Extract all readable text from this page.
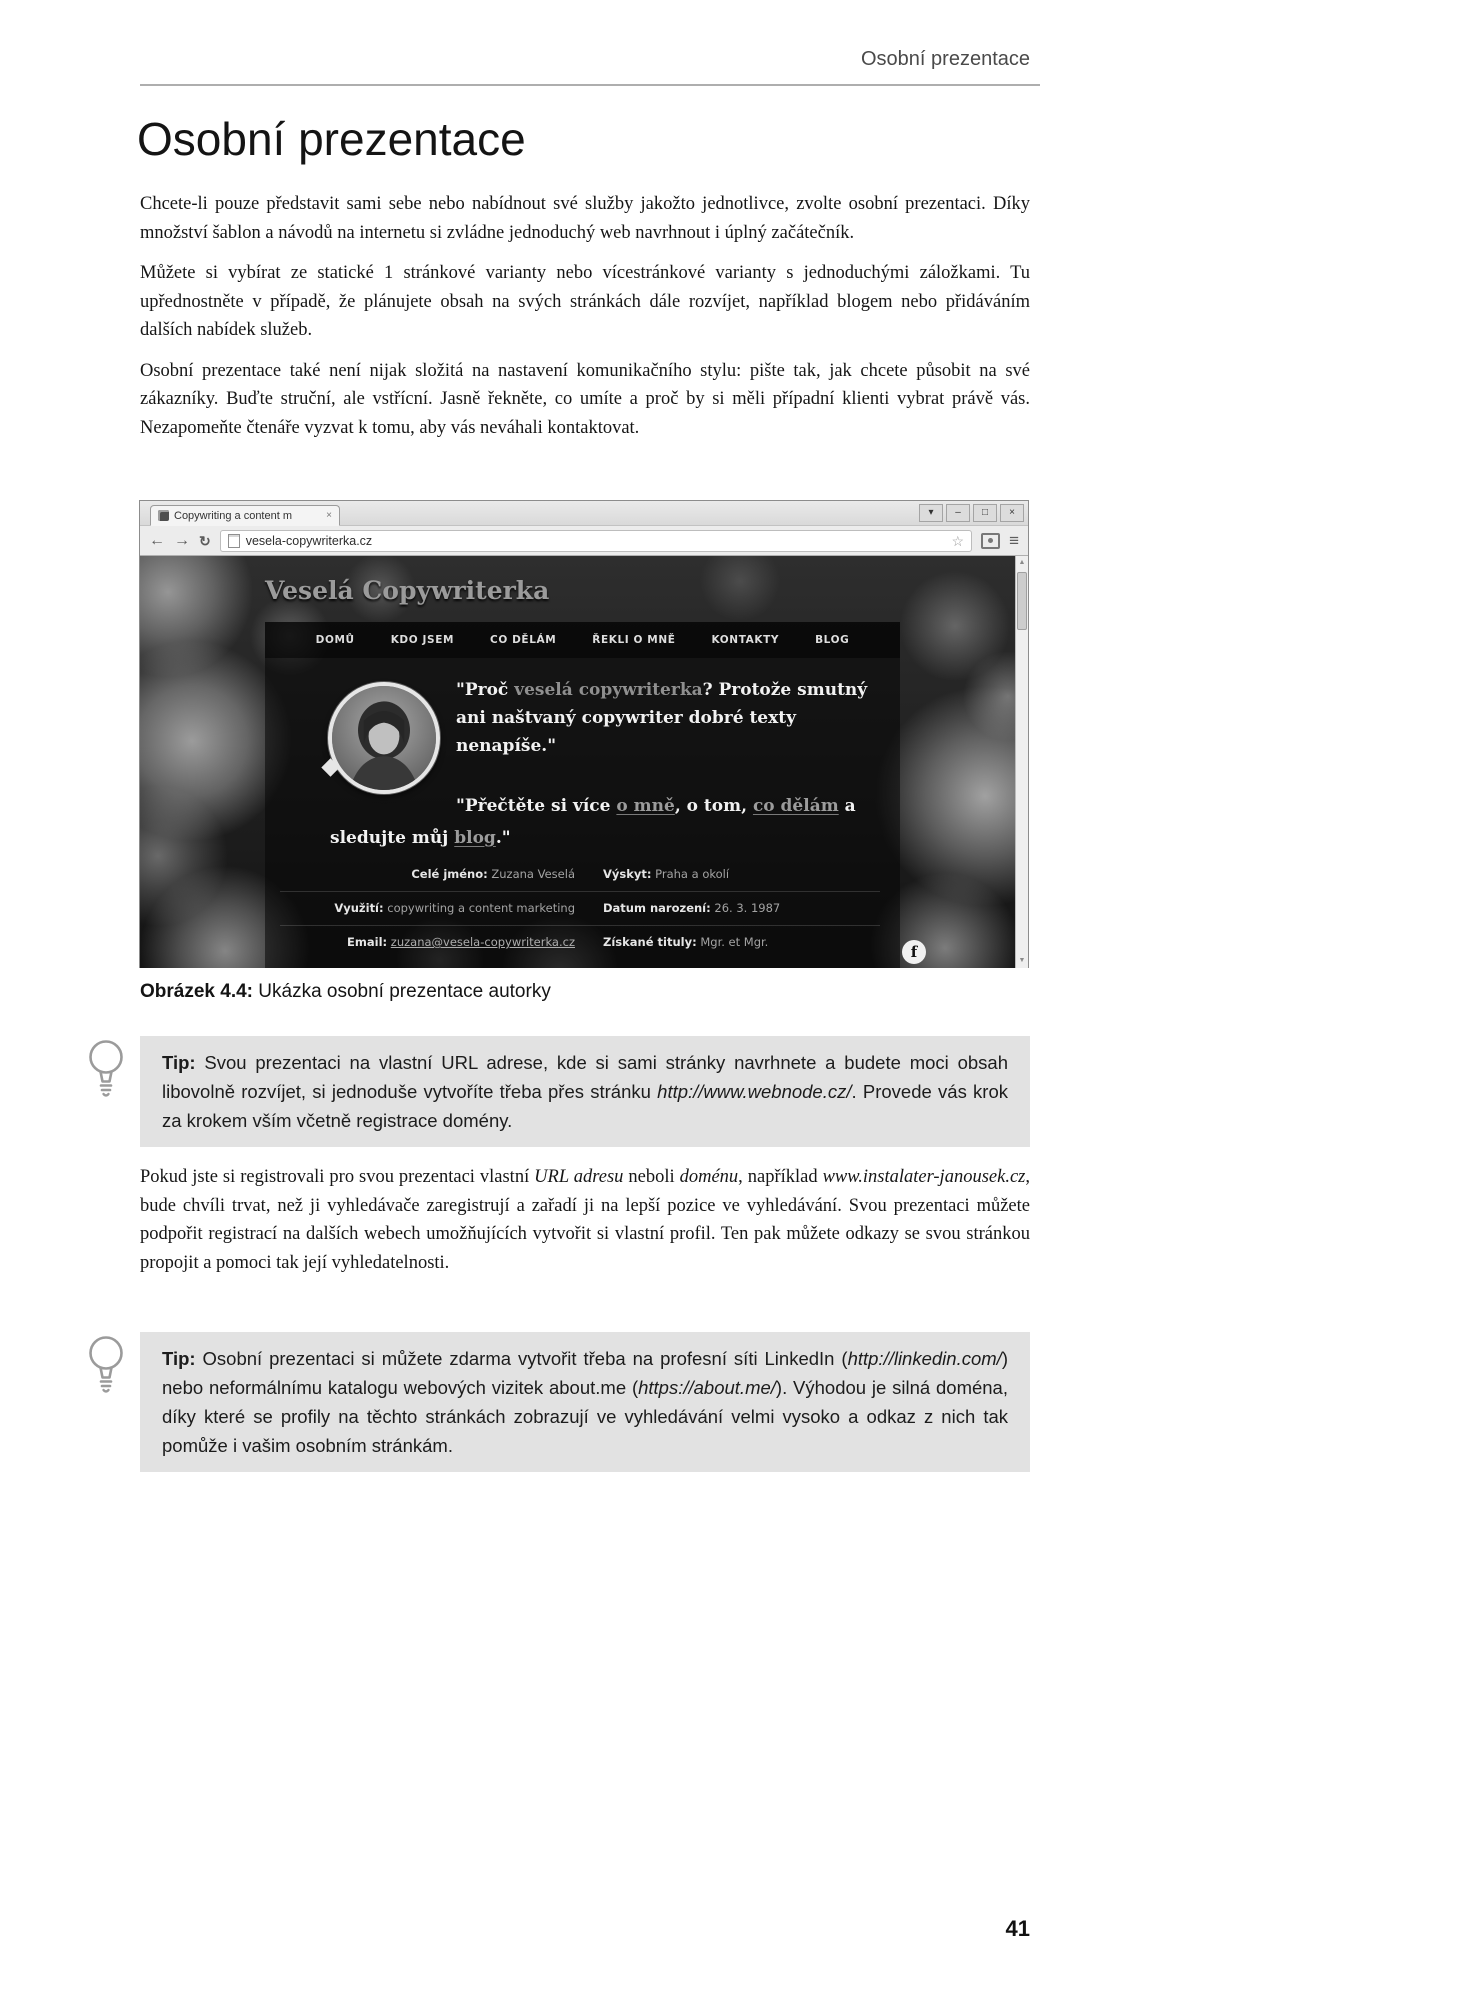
Osobní prezentace
Osobní prezentace

Chcete-li pouze představit sami sebe nebo nabídnout své služby jakožto jednotlivce, zvolte osobní prezentaci. Díky množství šablon a návodů na internetu si zvládne jednoduchý web navrhnout i úplný začátečník.

Můžete si vybírat ze statické 1 stránkové varianty nebo vícestránkové varianty s jednoduchými záložkami. Tu upřednostněte v případě, že plánujete obsah na svých stránkách dále rozvíjet, například blogem nebo přidáváním dalších nabídek služeb.

Osobní prezentace také není nijak složitá na nastavení komunikačního stylu: pište tak, jak chcete působit na své zákazníky. Buďte struční, ale vstřícní. Jasně řekněte, co umíte a proč by si měli případní klienti vybrat právě vás. Nezapomeňte čtenáře vyzvat k tomu, aby vás neváhali kontaktovat.

Copywriting a content m	×	▾	–	□	×
← → ↻	vesela-copywriterka.cz	☆	≡
Veselá Copywriterka
DOMŮ	KDO JSEM	CO DĚLÁM	ŘEKLI O MNĚ	KONTAKTY	BLOG
"Proč veselá copywriterka? Protože smutný
ani naštvaný copywriter dobré texty
nenapíše."
"Přečtěte si více o mně, o tom, co dělám a
sledujte můj blog."
Celé jméno: Zuzana Veselá Výskyt: Praha a okolí
Využití: copywriting a content marketing Datum narození: 26. 3. 1987
Email: zuzana@vesela-copywriterka.cz Získané tituly: Mgr. et Mgr.
f
▲
▼

Obrázek 4.4: Ukázka osobní prezentace autorky

Tip: Svou prezentaci na vlastní URL adrese, kde si sami stránky navrhnete a budete moci obsah libovolně rozvíjet, si jednoduše vytvoříte třeba přes stránku http://www.webnode.cz/. Provede vás krok za krokem vším včetně registrace domény.

Pokud jste si registrovali pro svou prezentaci vlastní URL adresu neboli doménu, například www.instalater-janousek.cz, bude chvíli trvat, než ji vyhledávače zaregistrují a zařadí ji na lepší pozice ve vyhledávání. Svou prezentaci můžete podpořit registrací na dalších webech umožňujících vytvořit si vlastní profil. Ten pak můžete odkazy se svou stránkou propojit a pomoci tak její vyhledatelnosti.

Tip: Osobní prezentaci si můžete zdarma vytvořit třeba na profesní síti LinkedIn (http://linkedin.com/) nebo neformálnímu katalogu webových vizitek about.me (https://about.me/). Výhodou je silná doména, díky které se profily na těchto stránkách zobrazují ve vyhledávání velmi vysoko a odkaz z nich tak pomůže i vašim osobním stránkám.
41
